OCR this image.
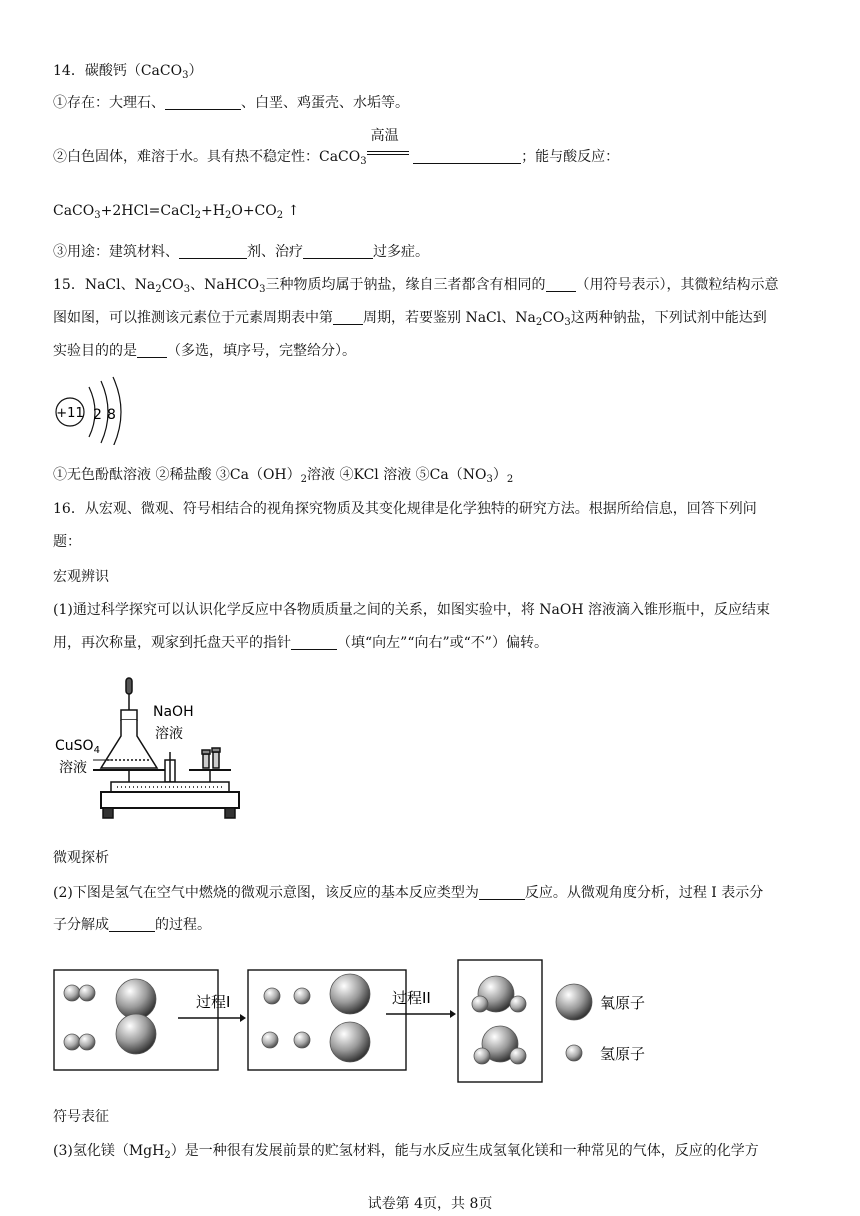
14．碳酸钙（CaCO$_3$）
①存在：大理石、	、白垩、鸡蛋壳、水垢等。
②白色固体，难溶于水。具有热不稳定性：CaCO$_3$
高温
；能与酸反应：
$CaCO_3+2HCl=CaCl_2+H_2O+CO_2$ ↑
③用途：建筑材料、	剂、治疗	过多症。
15．NaCl、$Na_2CO_3$、NaHCO$_3$三种物质均属于钠盐，缘自三者都含有相同的 （用符号表示），其微粒结构示意
图如图，可以推测该元素位于元素周期表中第 周期，若要鉴别 NaCl、$Na_2CO_3$这两种钠盐，下列试剂中能达到
实验目的的是 （多选，填序号，完整给分）。
+11 2 8
①无色酚酞溶液 ②稀盐酸 $③Ca(OH)_2$溶液 ④KCl 溶液 $⑤Ca(NO_3)_2$
16．从宏观、微观、符号相结合的视角探究物质及其变化规律是化学独特的研究方法。根据所给信息，回答下列问
题：
宏观辨识
(1)通过科学探究可以认识化学反应中各物质质量之间的关系，如图实验中，将 NaOH 溶液滴入锥形瓶中，反应结束
用，再次称量，观家到托盘天平的指针	（填“向左”“向右”或“不”）偏转。
NaOH
溶液
CuSO$_4$
溶液
微观探析
(2)下图是氢气在空气中燃烧的微观示意图，该反应的基本反应类型为	反应。从微观角度分析，过程 I 表示分
子分解成	的过程。
过程I	过程II	氧原子
氢原子
符号表征
(3)氢化镁（MgH$_2$）是一种很有发展前景的贮氢材料，能与水反应生成氢氧化镁和一种常见的气体，反应的化学方
试卷第 4页，共 8页
